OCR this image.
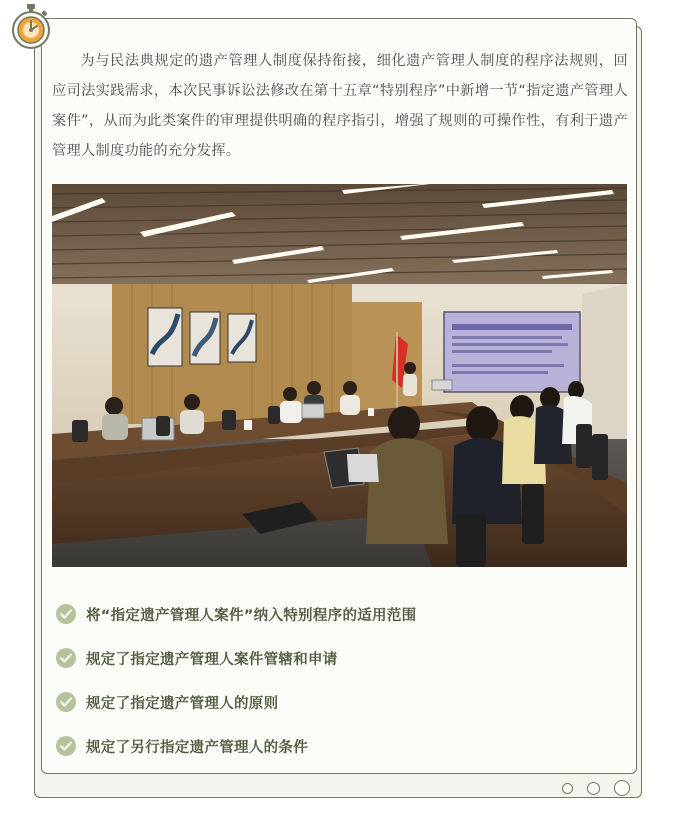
为与民法典规定的遗产管理人制度保持衔接，细化遗产管理人制度的程序法规则，回应司法实践需求，本次民事诉讼法修改在第十五章“特别程序”中新增一节“指定遗产管理人案件”，从而为此类案件的审理提供明确的程序指引，增强了规则的可操作性，有利于遗产管理人制度功能的充分发挥。

将“指定遗产管理人案件”纳入特别程序的适用范围
规定了指定遗产管理人案件管辖和申请
规定了指定遗产管理人的原则
规定了另行指定遗产管理人的条件
